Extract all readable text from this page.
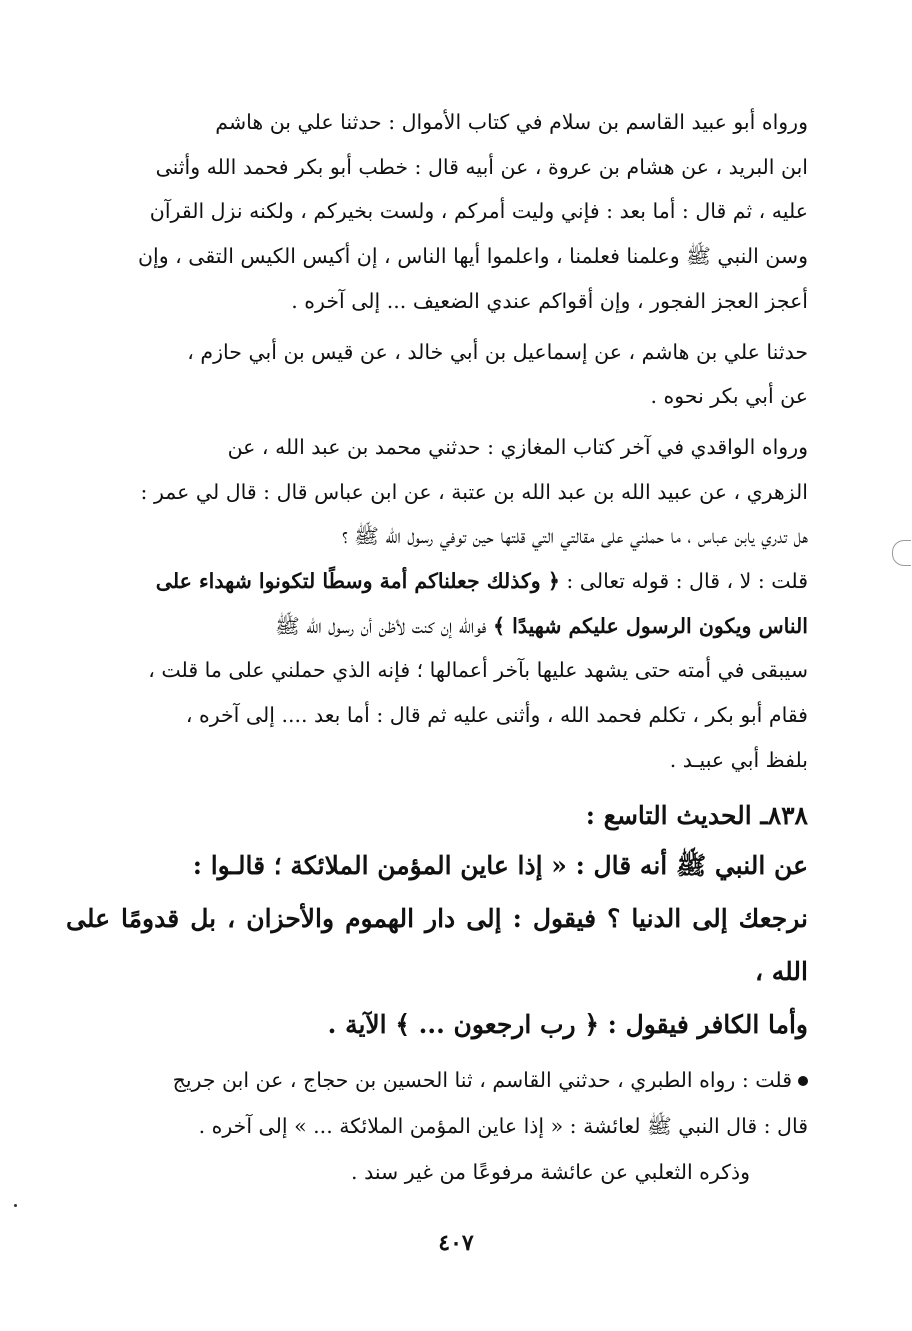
ورواه أبو عبيد القاسم بن سلام في كتاب الأموال : حدثنا علي بن هاشم
ابن البريد ، عن هشام بن عروة ، عن أبيه قال : خطب أبو بكر فحمد الله وأثنى
عليه ، ثم قال : أما بعد : فإني وليت أمركم ، ولست بخيركم ، ولكنه نزل القرآن
وسن النبي ﷺ وعلمنا فعلمنا ، واعلموا أيها الناس ، إن أكيس الكيس التقى ، وإن
أعجز العجز الفجور ، وإن أقواكم عندي الضعيف ... إلى آخره .

حدثنا علي بن هاشم ، عن إسماعيل بن أبي خالد ، عن قيس بن أبي حازم ،
عن أبي بكر نحوه .

ورواه الواقدي في آخر كتاب المغازي : حدثني محمد بن عبد الله ، عن
الزهري ، عن عبيد الله بن عبد الله بن عتبة ، عن ابن عباس قال : قال لي عمر :
هل تدري يابن عباس ، ما حملني على مقالتي التي قلتها حين توفي رسول الله ﷺ ؟
قلت : لا ، قال : قوله تعالى : ﴿ وكذلك جعلناكم أمة وسطًا لتكونوا شهداء على
الناس ويكون الرسول عليكم شهيدًا ﴾ فوالله إن كنت لأظن أن رسول الله ﷺ
سيبقى في أمته حتى يشهد عليها بآخر أعمالها ؛ فإنه الذي حملني على ما قلت ،
فقام أبو بكر ، تكلم فحمد الله ، وأثنى عليه ثم قال : أما بعد .... إلى آخره ،
بلفظ أبي عبيـد .

٨٣٨ـ الحديث التاسع :

عن النبي ﷺ أنه قال : « إذا عاين المؤمن الملائكة ؛ قالـوا :
نرجعك إلى الدنيا ؟ فيقول : إلى دار الهموم والأحزان ، بل قدومًا على الله ،
وأما الكافر فيقول : ﴿ رب ارجعون ... ﴾ الآية .

قلت : رواه الطبري ، حدثني القاسم ، ثنا الحسين بن حجاج ، عن ابن جريج
قال : قال النبي ﷺ لعائشة : « إذا عاين المؤمن الملائكة ... » إلى آخره .
وذكره الثعلبي عن عائشة مرفوعًا من غير سند .

٤٠٧
